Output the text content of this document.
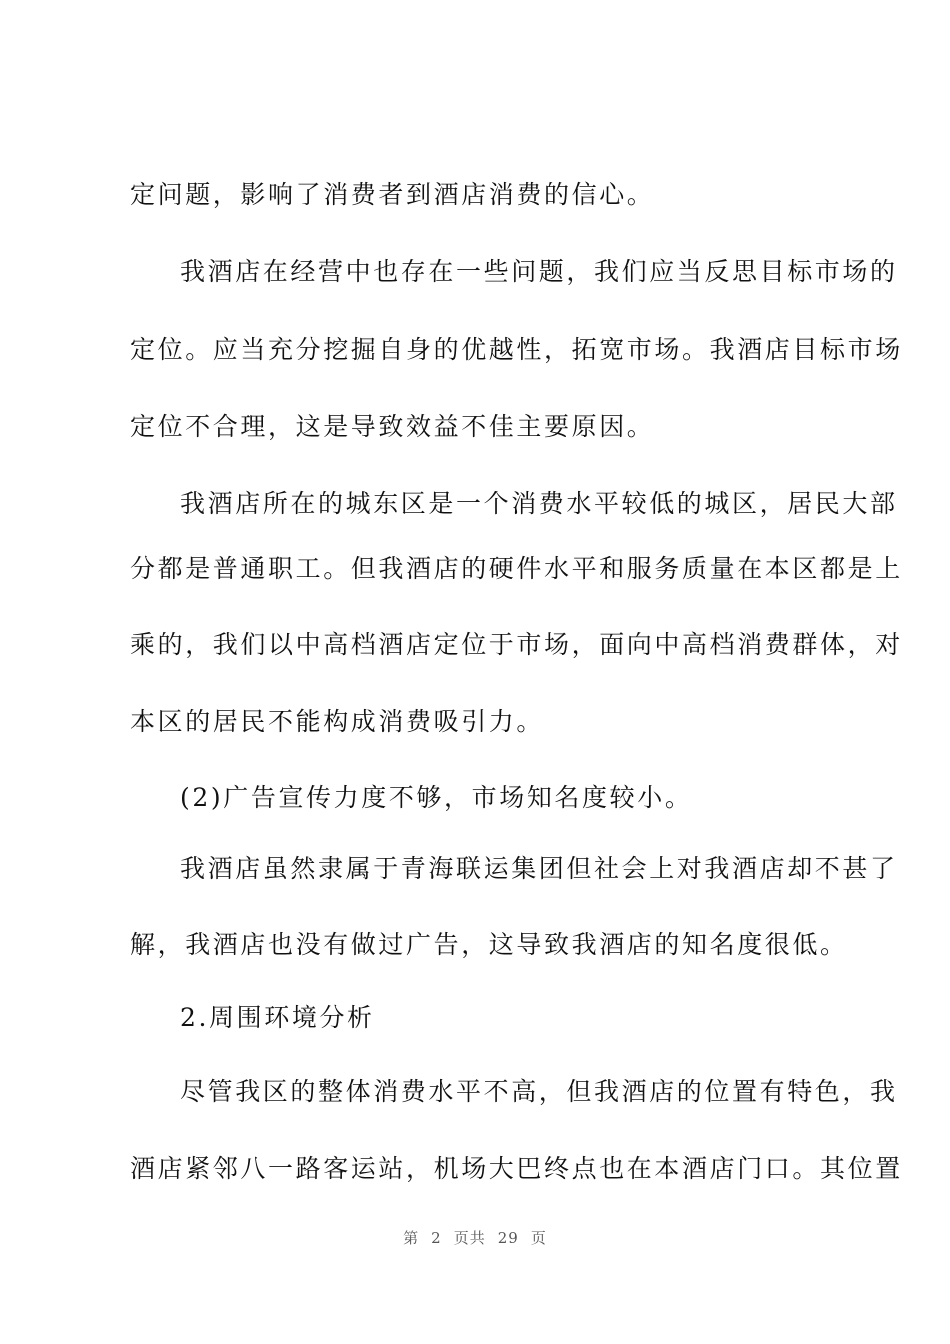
定问题，影响了消费者到酒店消费的信心。
我酒店在经营中也存在一些问题，我们应当反思目标市场的
定位。应当充分挖掘自身的优越性，拓宽市场。我酒店目标市场
定位不合理，这是导致效益不佳主要原因。
我酒店所在的城东区是一个消费水平较低的城区，居民大部
分都是普通职工。但我酒店的硬件水平和服务质量在本区都是上
乘的，我们以中高档酒店定位于市场，面向中高档消费群体，对
本区的居民不能构成消费吸引力。
(2)广告宣传力度不够，市场知名度较小。
我酒店虽然隶属于青海联运集团但社会上对我酒店却不甚了
解，我酒店也没有做过广告，这导致我酒店的知名度很低。
2.周围环境分析
尽管我区的整体消费水平不高，但我酒店的位置有特色，我
酒店紧邻八一路客运站，机场大巴终点也在本酒店门口。其位置
第 2 页共 29 页
